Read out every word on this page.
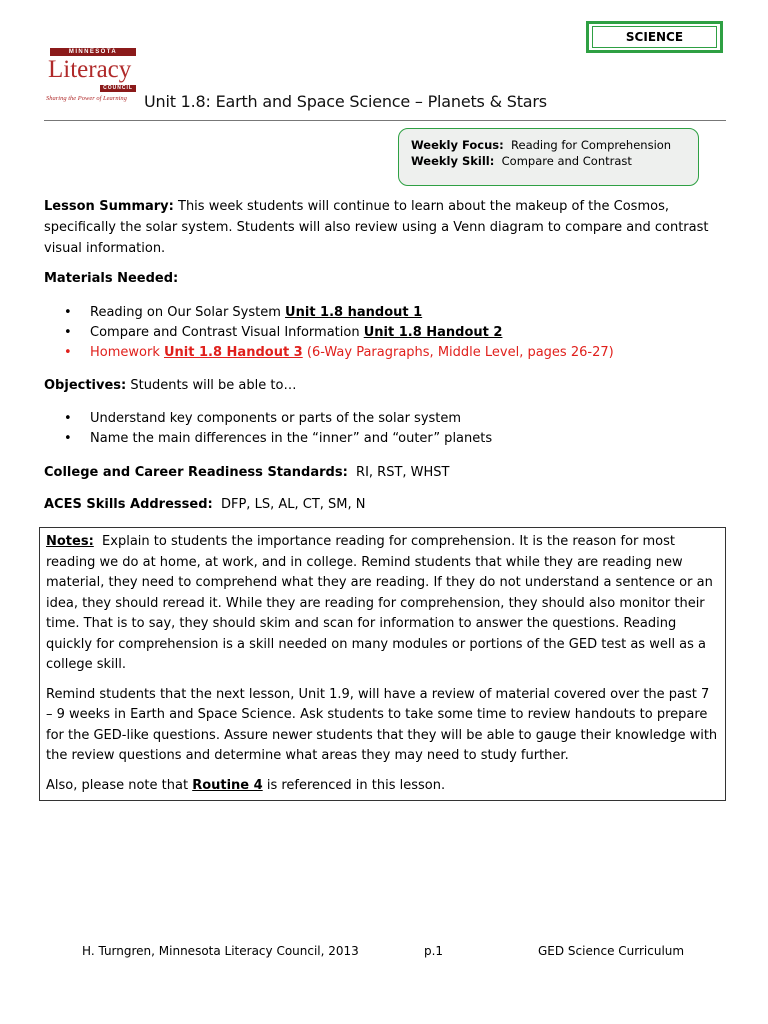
SCIENCE
MINNESOTA
Literacy
COUNCIL
Sharing the Power of Learning Unit 1.8: Earth and Space Science – Planets & Stars
Weekly Focus: Reading for Comprehension
Weekly Skill: Compare and Contrast
Lesson Summary: This week students will continue to learn about the makeup of the Cosmos, specifically the solar system. Students will also review using a Venn diagram to compare and contrast visual information.
Materials Needed:
• Reading on Our Solar System Unit 1.8 handout 1
• Compare and Contrast Visual Information Unit 1.8 Handout 2
• Homework Unit 1.8 Handout 3 (6-Way Paragraphs, Middle Level, pages 26-27)
Objectives: Students will be able to…
• Understand key components or parts of the solar system
• Name the main differences in the “inner” and “outer” planets
College and Career Readiness Standards: RI, RST, WHST
ACES Skills Addressed: DFP, LS, AL, CT, SM, N

Notes: Explain to students the importance reading for comprehension. It is the reason for most reading we do at home, at work, and in college. Remind students that while they are reading new material, they need to comprehend what they are reading. If they do not understand a sentence or an idea, they should reread it. While they are reading for comprehension, they should also monitor their time. That is to say, they should skim and scan for information to answer the questions. Reading quickly for comprehension is a skill needed on many modules or portions of the GED test as well as a college skill.

Remind students that the next lesson, Unit 1.9, will have a review of material covered over the past 7 – 9 weeks in Earth and Space Science. Ask students to take some time to review handouts to prepare for the GED-like questions. Assure newer students that they will be able to gauge their knowledge with the review questions and determine what areas they may need to study further.

Also, please note that Routine 4 is referenced in this lesson.

H. Turngren, Minnesota Literacy Council, 2013	p.1	GED Science Curriculum
